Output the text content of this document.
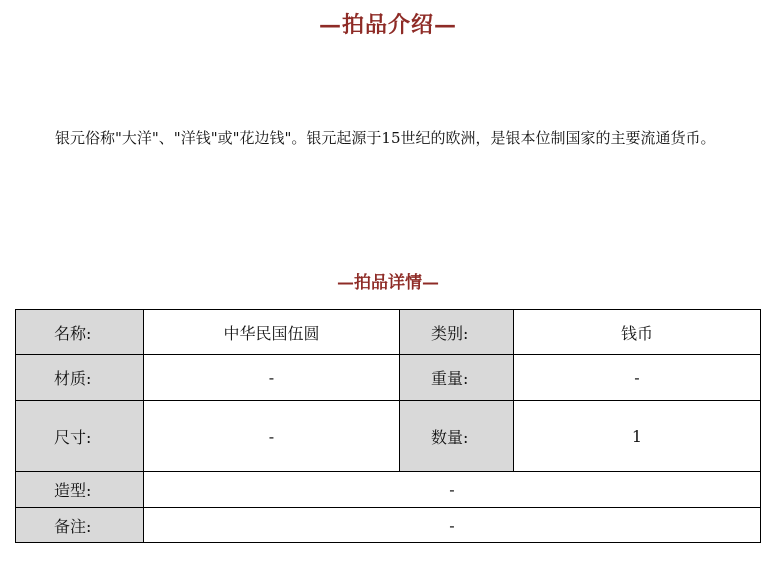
—拍品介绍—

银元俗称"大洋"、"洋钱"或"花边钱"。银元起源于15世纪的欧洲，是银本位制国家的主要流通货币。

—拍品详情—
名称:	中华民国伍圆	类别:	钱币
材质:	-	重量:	-
尺寸:	-	数量:	1
造型:	-		
备注:	-		
